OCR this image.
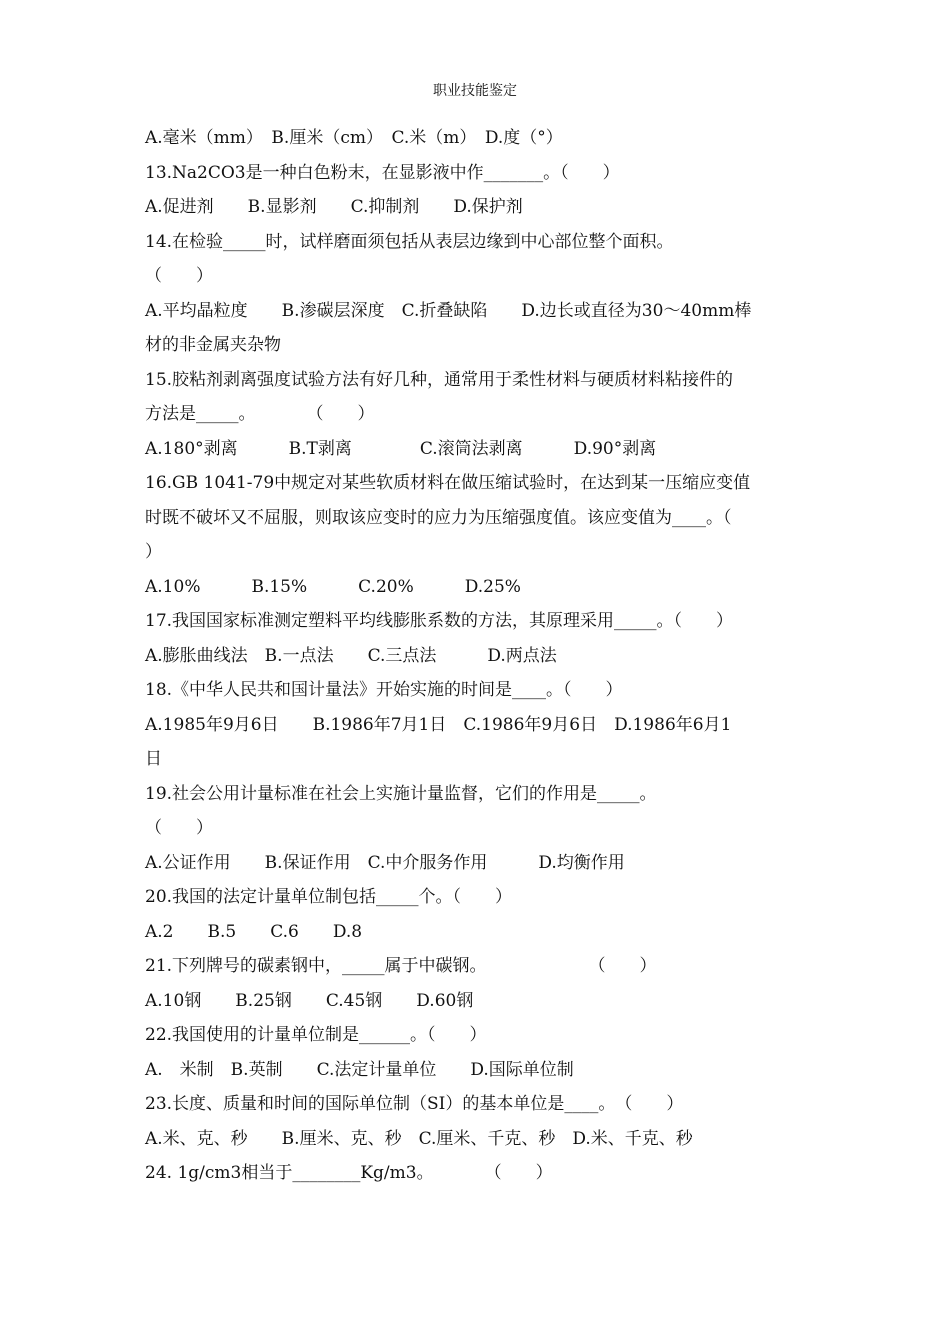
职业技能鉴定
A.毫米（mm）　B.厘米（cm）　C.米（m）　D.度（°）
13.Na2CO3是一种白色粉末，在显影液中作_______。（　　）
A.促进剂　　B.显影剂　　C.抑制剂　　D.保护剂
14.在检验_____时，试样磨面须包括从表层边缘到中心部位整个面积。
（　　）
A.平均晶粒度　　B.渗碳层深度　C.折叠缺陷　　D.边长或直径为30～40mm棒
材的非金属夹杂物
15.胶粘剂剥离强度试验方法有好几种，通常用于柔性材料与硬质材料粘接件的
方法是_____。　　　　（　　）
A.180°剥离　　　B.T剥离　　　　C.滚筒法剥离　　　D.90°剥离
16.GB 1041-79中规定对某些软质材料在做压缩试验时，在达到某一压缩应变值
时既不破坏又不屈服，则取该应变时的应力为压缩强度值。该应变值为____。（
）
A.10%　　　B.15%　　　C.20%　　　D.25%
17.我国国家标准测定塑料平均线膨胀系数的方法，其原理采用_____。（　　）
A.膨胀曲线法　B.一点法　　C.三点法　　　D.两点法
18.《中华人民共和国计量法》开始实施的时间是____。（　　）
A.1985年9月6日　　B.1986年7月1日　C.1986年9月6日　D.1986年6月1
日
19.社会公用计量标准在社会上实施计量监督，它们的作用是_____。
（　　）
A.公证作用　　B.保证作用　C.中介服务作用　　　D.均衡作用
20.我国的法定计量单位制包括_____个。（　　）
A.2　　B.5　　C.6　　D.8
21.下列牌号的碳素钢中，_____属于中碳钢。　　　　　　　（　　）
A.10钢　　B.25钢　　C.45钢　　D.60钢
22.我国使用的计量单位制是______。（　　）
A.　米制　B.英制　　C.法定计量单位　　D.国际单位制
23.长度、质量和时间的国际单位制（SI）的基本单位是____。　（　　）
A.米、克、秒　　B.厘米、克、秒　C.厘米、千克、秒　D.米、千克、秒
24. 1g/cm3相当于________Kg/m3。　　　　（　　）
